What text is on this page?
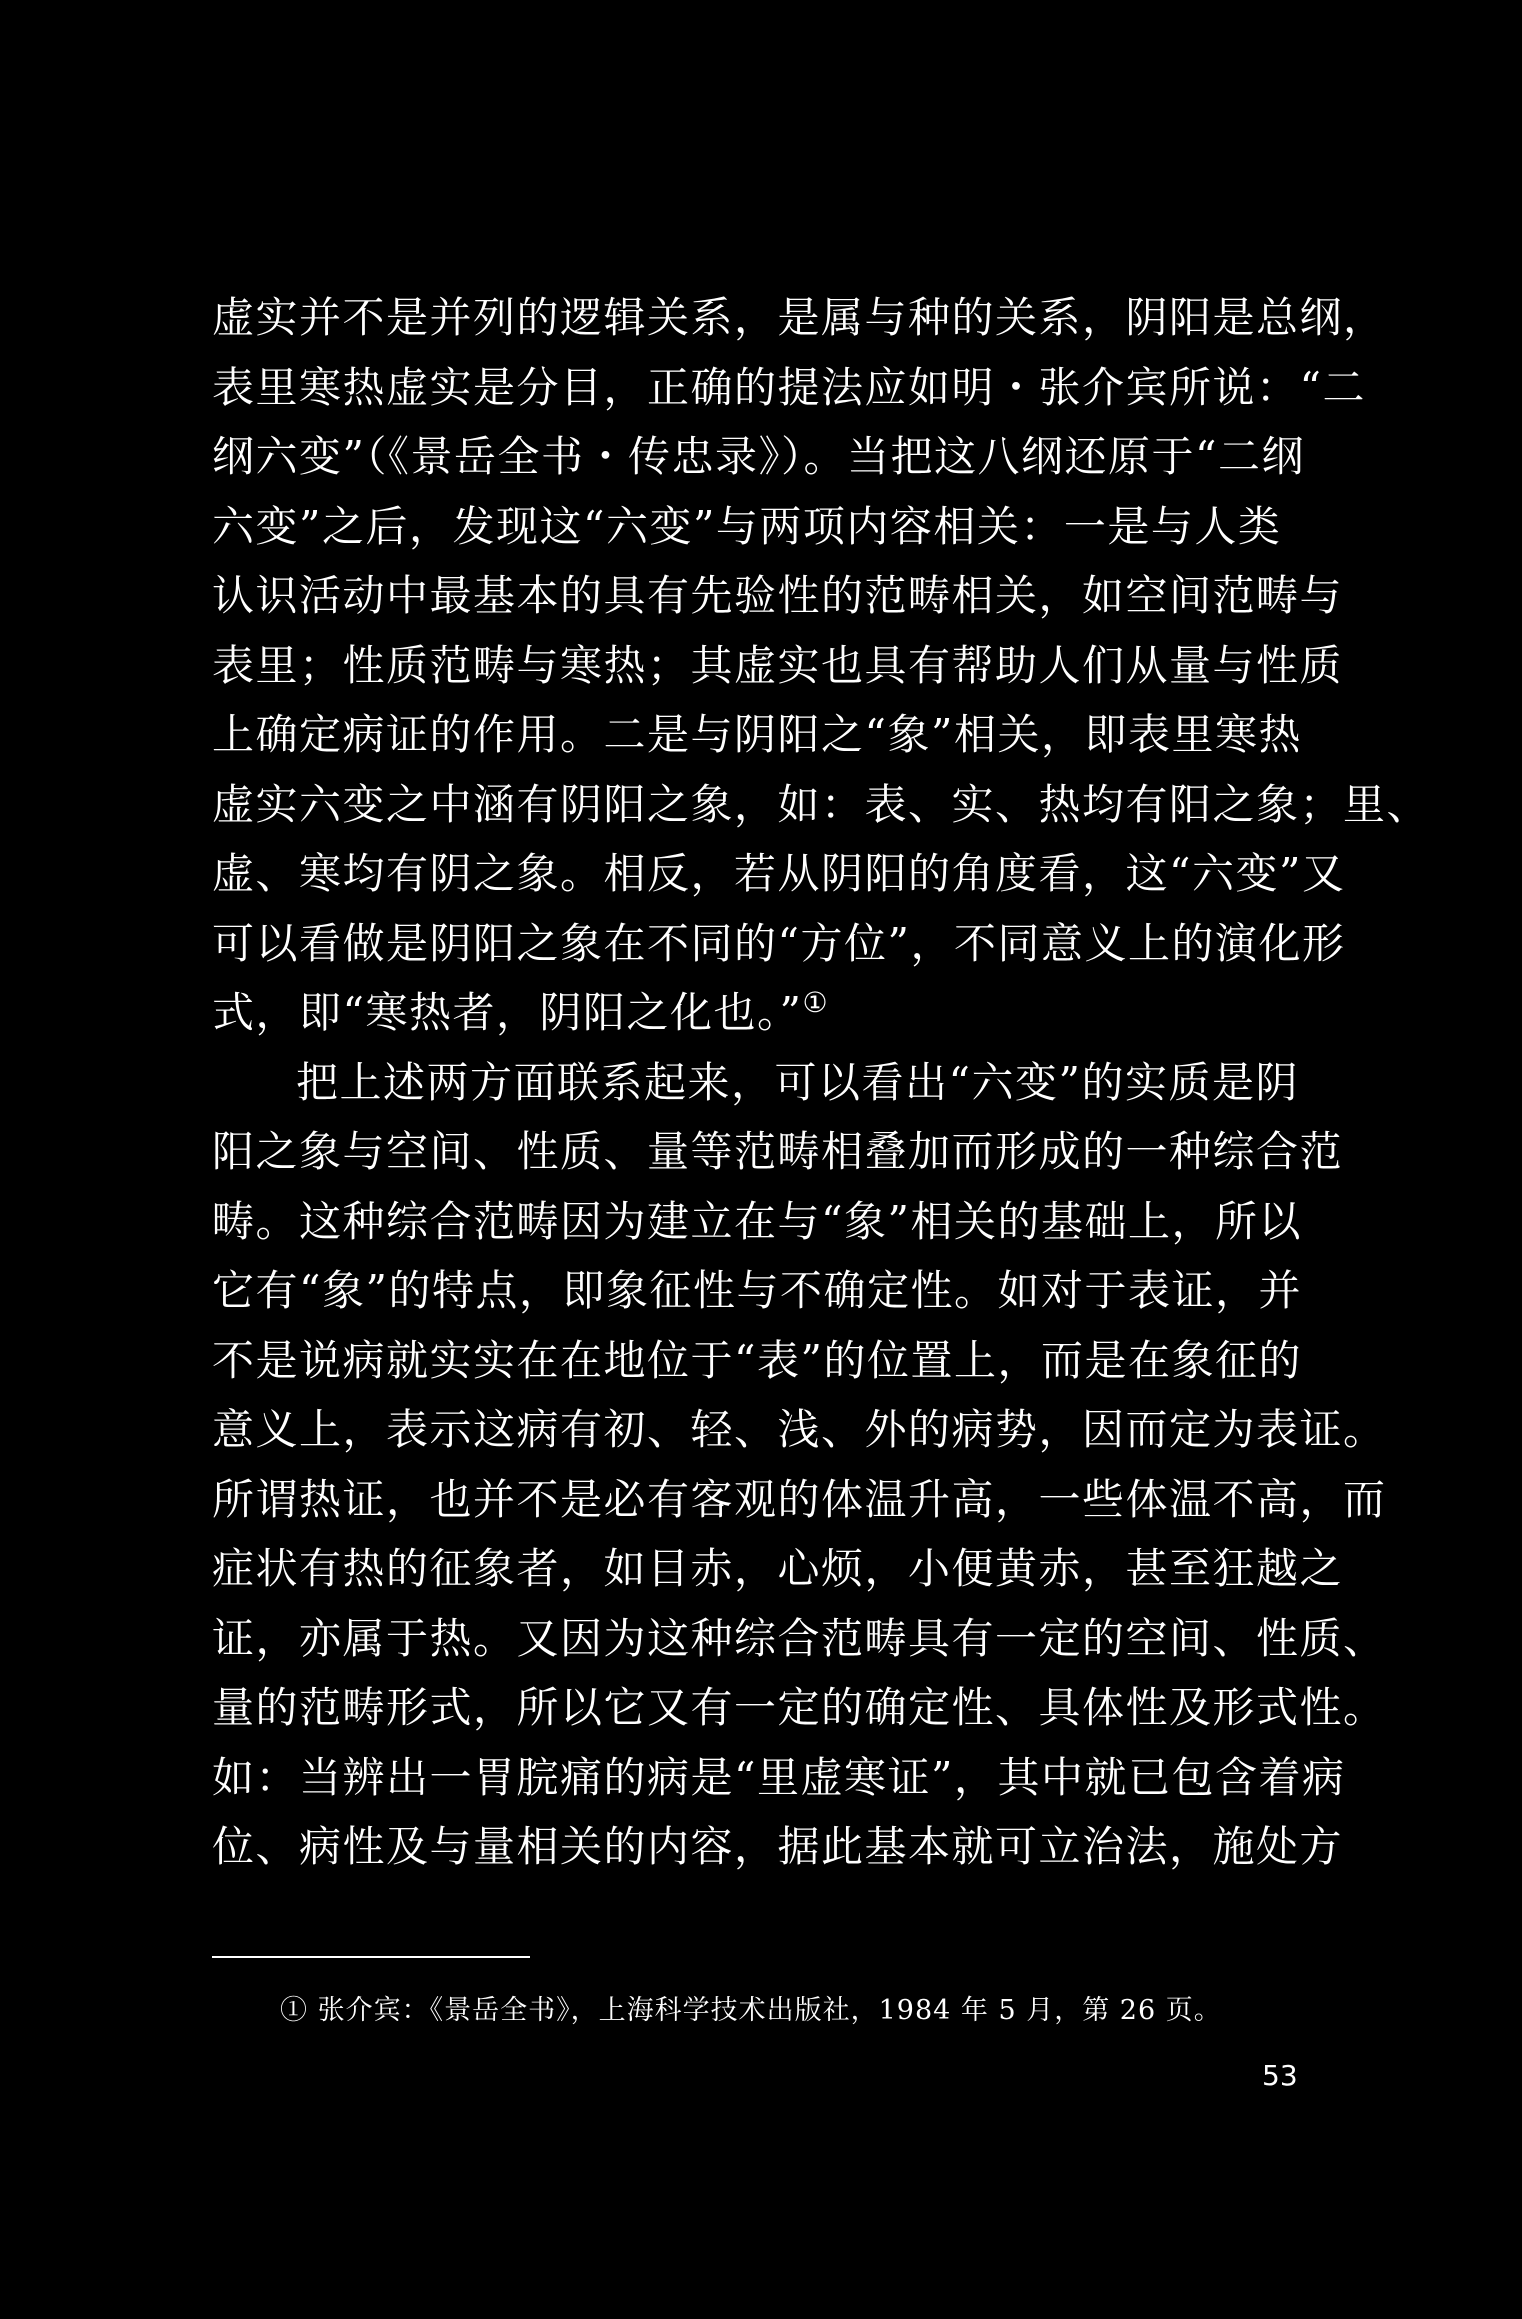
虚实并不是并列的逻辑关系，是属与种的关系，阴阳是总纲，
表里寒热虚实是分目，正确的提法应如明・张介宾所说：“二
纲六变”（《景岳全书・传忠录》）。当把这八纲还原于“二纲
六变”之后，发现这“六变”与两项内容相关：一是与人类
认识活动中最基本的具有先验性的范畴相关，如空间范畴与
表里；性质范畴与寒热；其虚实也具有帮助人们从量与性质
上确定病证的作用。二是与阴阳之“象”相关，即表里寒热
虚实六变之中涵有阴阳之象，如：表、实、热均有阳之象；里、
虚、寒均有阴之象。相反，若从阴阳的角度看，这“六变”又
可以看做是阴阳之象在不同的“方位”，不同意义上的演化形
式，即“寒热者，阴阳之化也。”①
把上述两方面联系起来，可以看出“六变”的实质是阴
阳之象与空间、性质、量等范畴相叠加而形成的一种综合范
畴。这种综合范畴因为建立在与“象”相关的基础上，所以
它有“象”的特点，即象征性与不确定性。如对于表证，并
不是说病就实实在在地位于“表”的位置上，而是在象征的
意义上，表示这病有初、轻、浅、外的病势，因而定为表证。
所谓热证，也并不是必有客观的体温升高，一些体温不高，而
症状有热的征象者，如目赤，心烦，小便黄赤，甚至狂越之
证，亦属于热。又因为这种综合范畴具有一定的空间、性质、
量的范畴形式，所以它又有一定的确定性、具体性及形式性。
如：当辨出一胃脘痛的病是“里虚寒证”，其中就已包含着病
位、病性及与量相关的内容，据此基本就可立治法，施处方
① 张介宾：《景岳全书》，上海科学技术出版社，1984 年 5 月，第 26 页。
53
